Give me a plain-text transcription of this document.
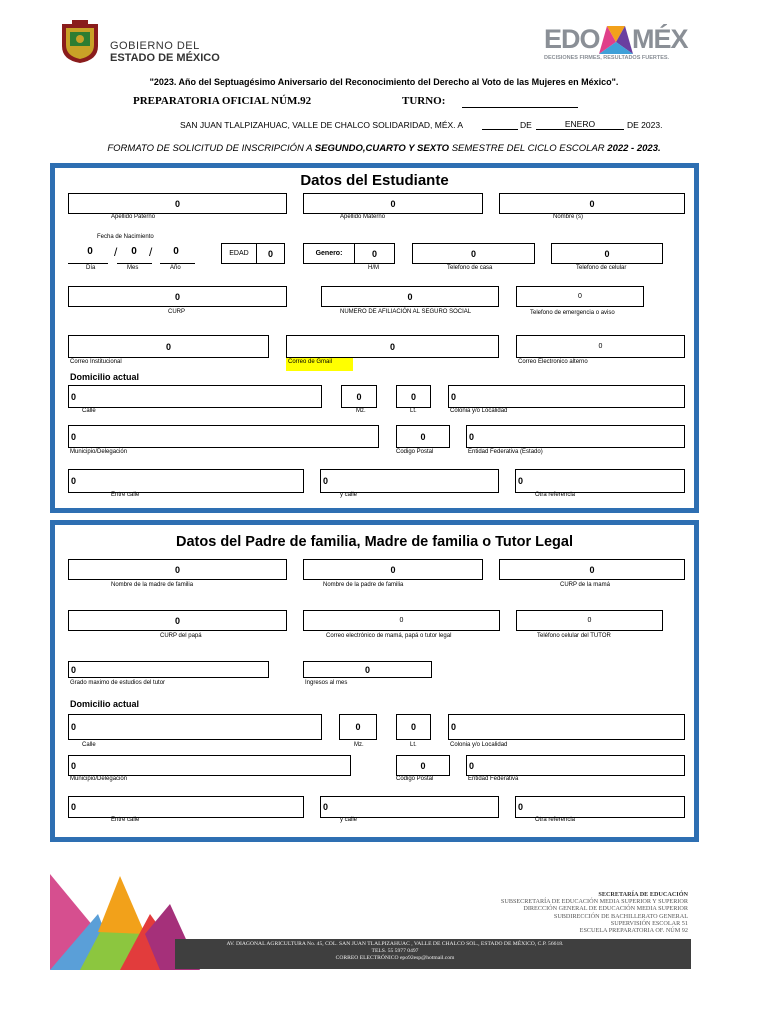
GOBIERNO DEL
ESTADO DE MÉXICO
EDO MÉX
DECISIONES FIRMES, RESULTADOS FUERTES.
"2023. Año del Septuagésimo Aniversario del Reconocimiento del Derecho al Voto de las Mujeres en México".
PREPARATORIA OFICIAL NÚM.92	TURNO:
SAN JUAN TLALPIZAHUAC, VALLE DE CHALCO SOLIDARIDAD, MÉX. A	DE	ENERO	DE 2023.
FORMATO DE SOLICITUD DE INSCRIPCIÓN A SEGUNDO,CUARTO Y SEXTO SEMESTRE DEL CICLO ESCOLAR 2022 - 2023.
Datos del Estudiante
0
Apellido Paterno
0
Apellido Materno
0
Nombre (s)
Fecha de Nacimiento
0	/	0	/	0
Día	Mes	Año
EDAD	0	Genero:	0
H/M
0
Telefono de casa
0
Telefono de celular
0
CURP
0
NUMERO DE AFILIACIÓN AL SEGURO SOCIAL
0
Telefono de emergencia o aviso
0
Correo Institucional
0
Correo de Gmail
0
Correo Electronico alterno
Domicilio actual
0
Calle
0
Mz.
0
Lt.
0
Colonia y/o Localidad
0
Municipio/Delegación
0
Codigo Postal
0
Entidad Federativa (Estado)
0
Entre calle
0
y calle
0
Otra referencia
Datos del Padre de familia, Madre de familia o Tutor Legal
0
Nombre de la madre de familia
0
Nombre de la padre de familia
0
CURP de la mamá
0
CURP del papá
0
Correo electrónico de mamá, papá o tutor legal
0
Teléfono celular del TUTOR
0
Grado maximo de estudios del tutor
0
Ingresos al mes
Domicilio actual
0
Calle
0
Mz.
0
Lt.
0
Colonia y/o Localidad
0
Municipio/Delegación
0
Codigo Postal
0
Entidad Federativa
0
Entre calle
0
y calle
0
Otra referencia
SECRETARÍA DE EDUCACIÓN
SUBSECRETARÍA DE EDUCACIÓN MEDIA SUPERIOR Y SUPERIOR
DIRECCIÓN GENERAL DE EDUCACIÓN MEDIA SUPERIOR
SUBDIRECCIÓN DE BACHILLERATO GENERAL
SUPERVISIÓN ESCOLAR 51
ESCUELA PREPARATORIA OF. NÚM 92
AV. DIAGONAL AGRICULTURA No. 45, COL. SAN JUAN TLALPIZAHUAC , VALLE DE CHALCO SOL., ESTADO DE MÉXICO, C.P. 56618.
TELS. 55 5977 0497
CORREO ELECTRÓNICO epo92esp@hotmail.com
